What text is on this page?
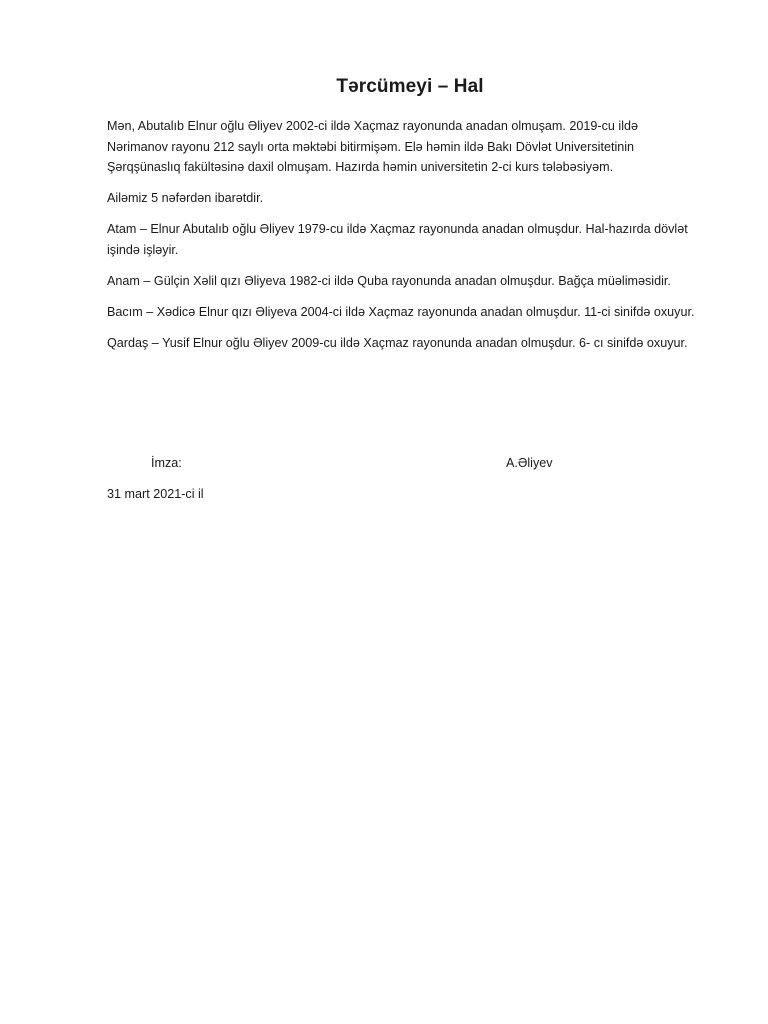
Tərcümeyi – Hal

Mən, Abutalıb Elnur oğlu Əliyev 2002-ci ildə Xaçmaz rayonunda anadan olmuşam. 2019-cu ildə Nərimanov rayonu 212 saylı orta məktəbi bitirmişəm. Elə həmin ildə Bakı Dövlət Universitetinin Şərqşünaslıq fakültəsinə daxil olmuşam. Hazırda həmin universitetin 2-ci kurs tələbəsiyəm.

Ailəmiz 5 nəfərdən ibarətdir.

Atam – Elnur Abutalıb oğlu Əliyev 1979-cu ildə Xaçmaz rayonunda anadan olmuşdur. Hal-hazırda dövlət işində işləyir.

Anam – Gülçin Xəlil qızı Əliyeva 1982-ci ildə Quba rayonunda anadan olmuşdur. Bağça müəliməsidir.

Bacım – Xədicə Elnur qızı Əliyeva 2004-ci ildə Xaçmaz rayonunda anadan olmuşdur. 11-ci sinifdə oxuyur.

Qardaş – Yusif Elnur oğlu Əliyev 2009-cu ildə Xaçmaz rayonunda anadan olmuşdur. 6- cı sinifdə oxuyur.

İmza:	A.Əliyev
31 mart 2021-ci il
